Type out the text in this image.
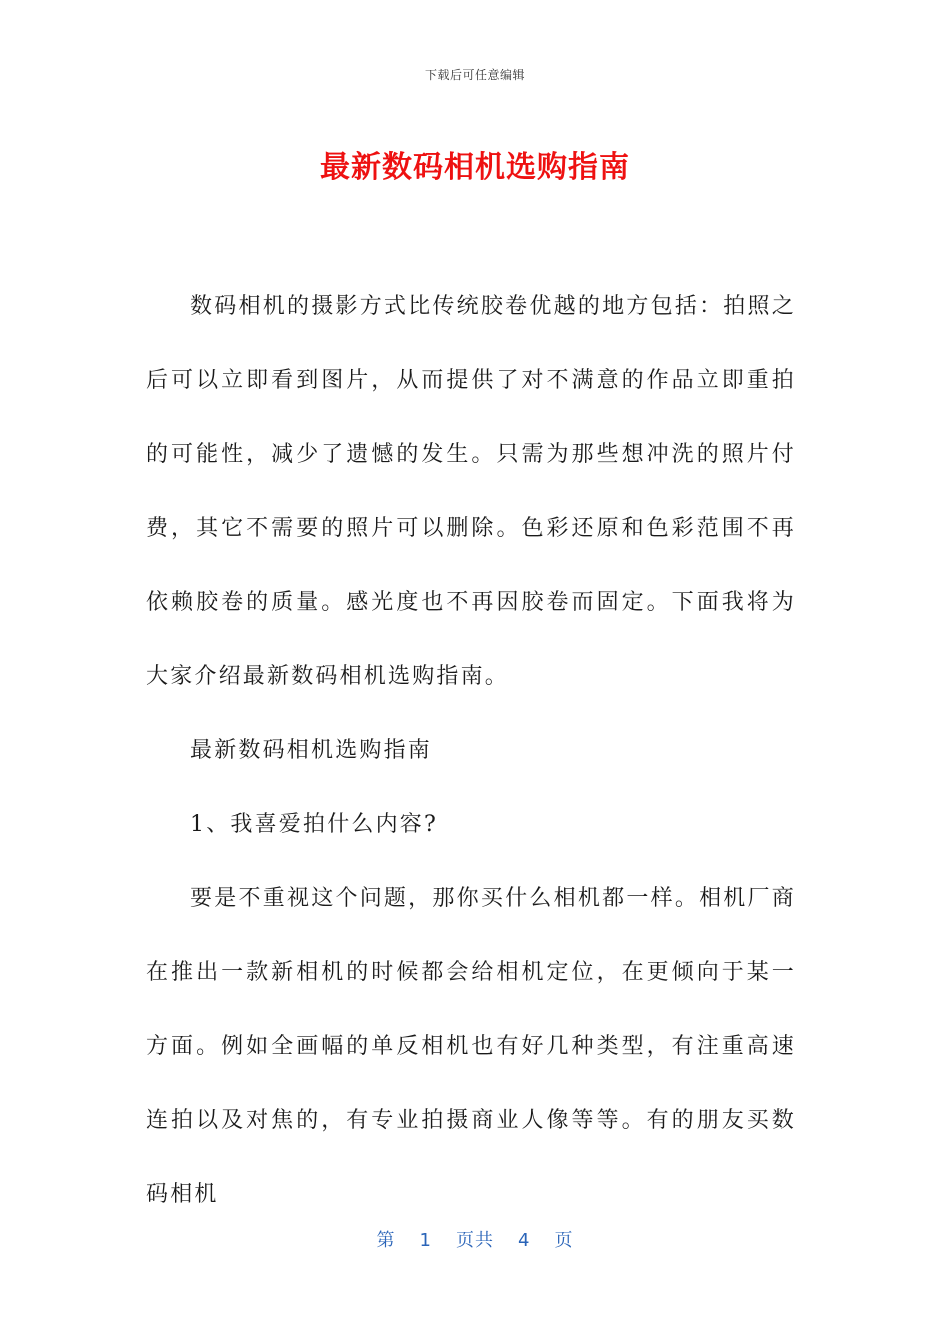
下载后可任意编辑
最新数码相机选购指南

数码相机的摄影方式比传统胶卷优越的地方包括：拍照之后可以立即看到图片，从而提供了对不满意的作品立即重拍的可能性，减少了遗憾的发生。只需为那些想冲洗的照片付费，其它不需要的照片可以删除。色彩还原和色彩范围不再依赖胶卷的质量。感光度也不再因胶卷而固定。下面我将为大家介绍最新数码相机选购指南。

最新数码相机选购指南

1、我喜爱拍什么内容?

要是不重视这个问题，那你买什么相机都一样。相机厂商在推出一款新相机的时候都会给相机定位，在更倾向于某一方面。例如全画幅的单反相机也有好几种类型，有注重高速连拍以及对焦的，有专业拍摄商业人像等等。有的朋友买数码相机

第 1 页共 4 页
